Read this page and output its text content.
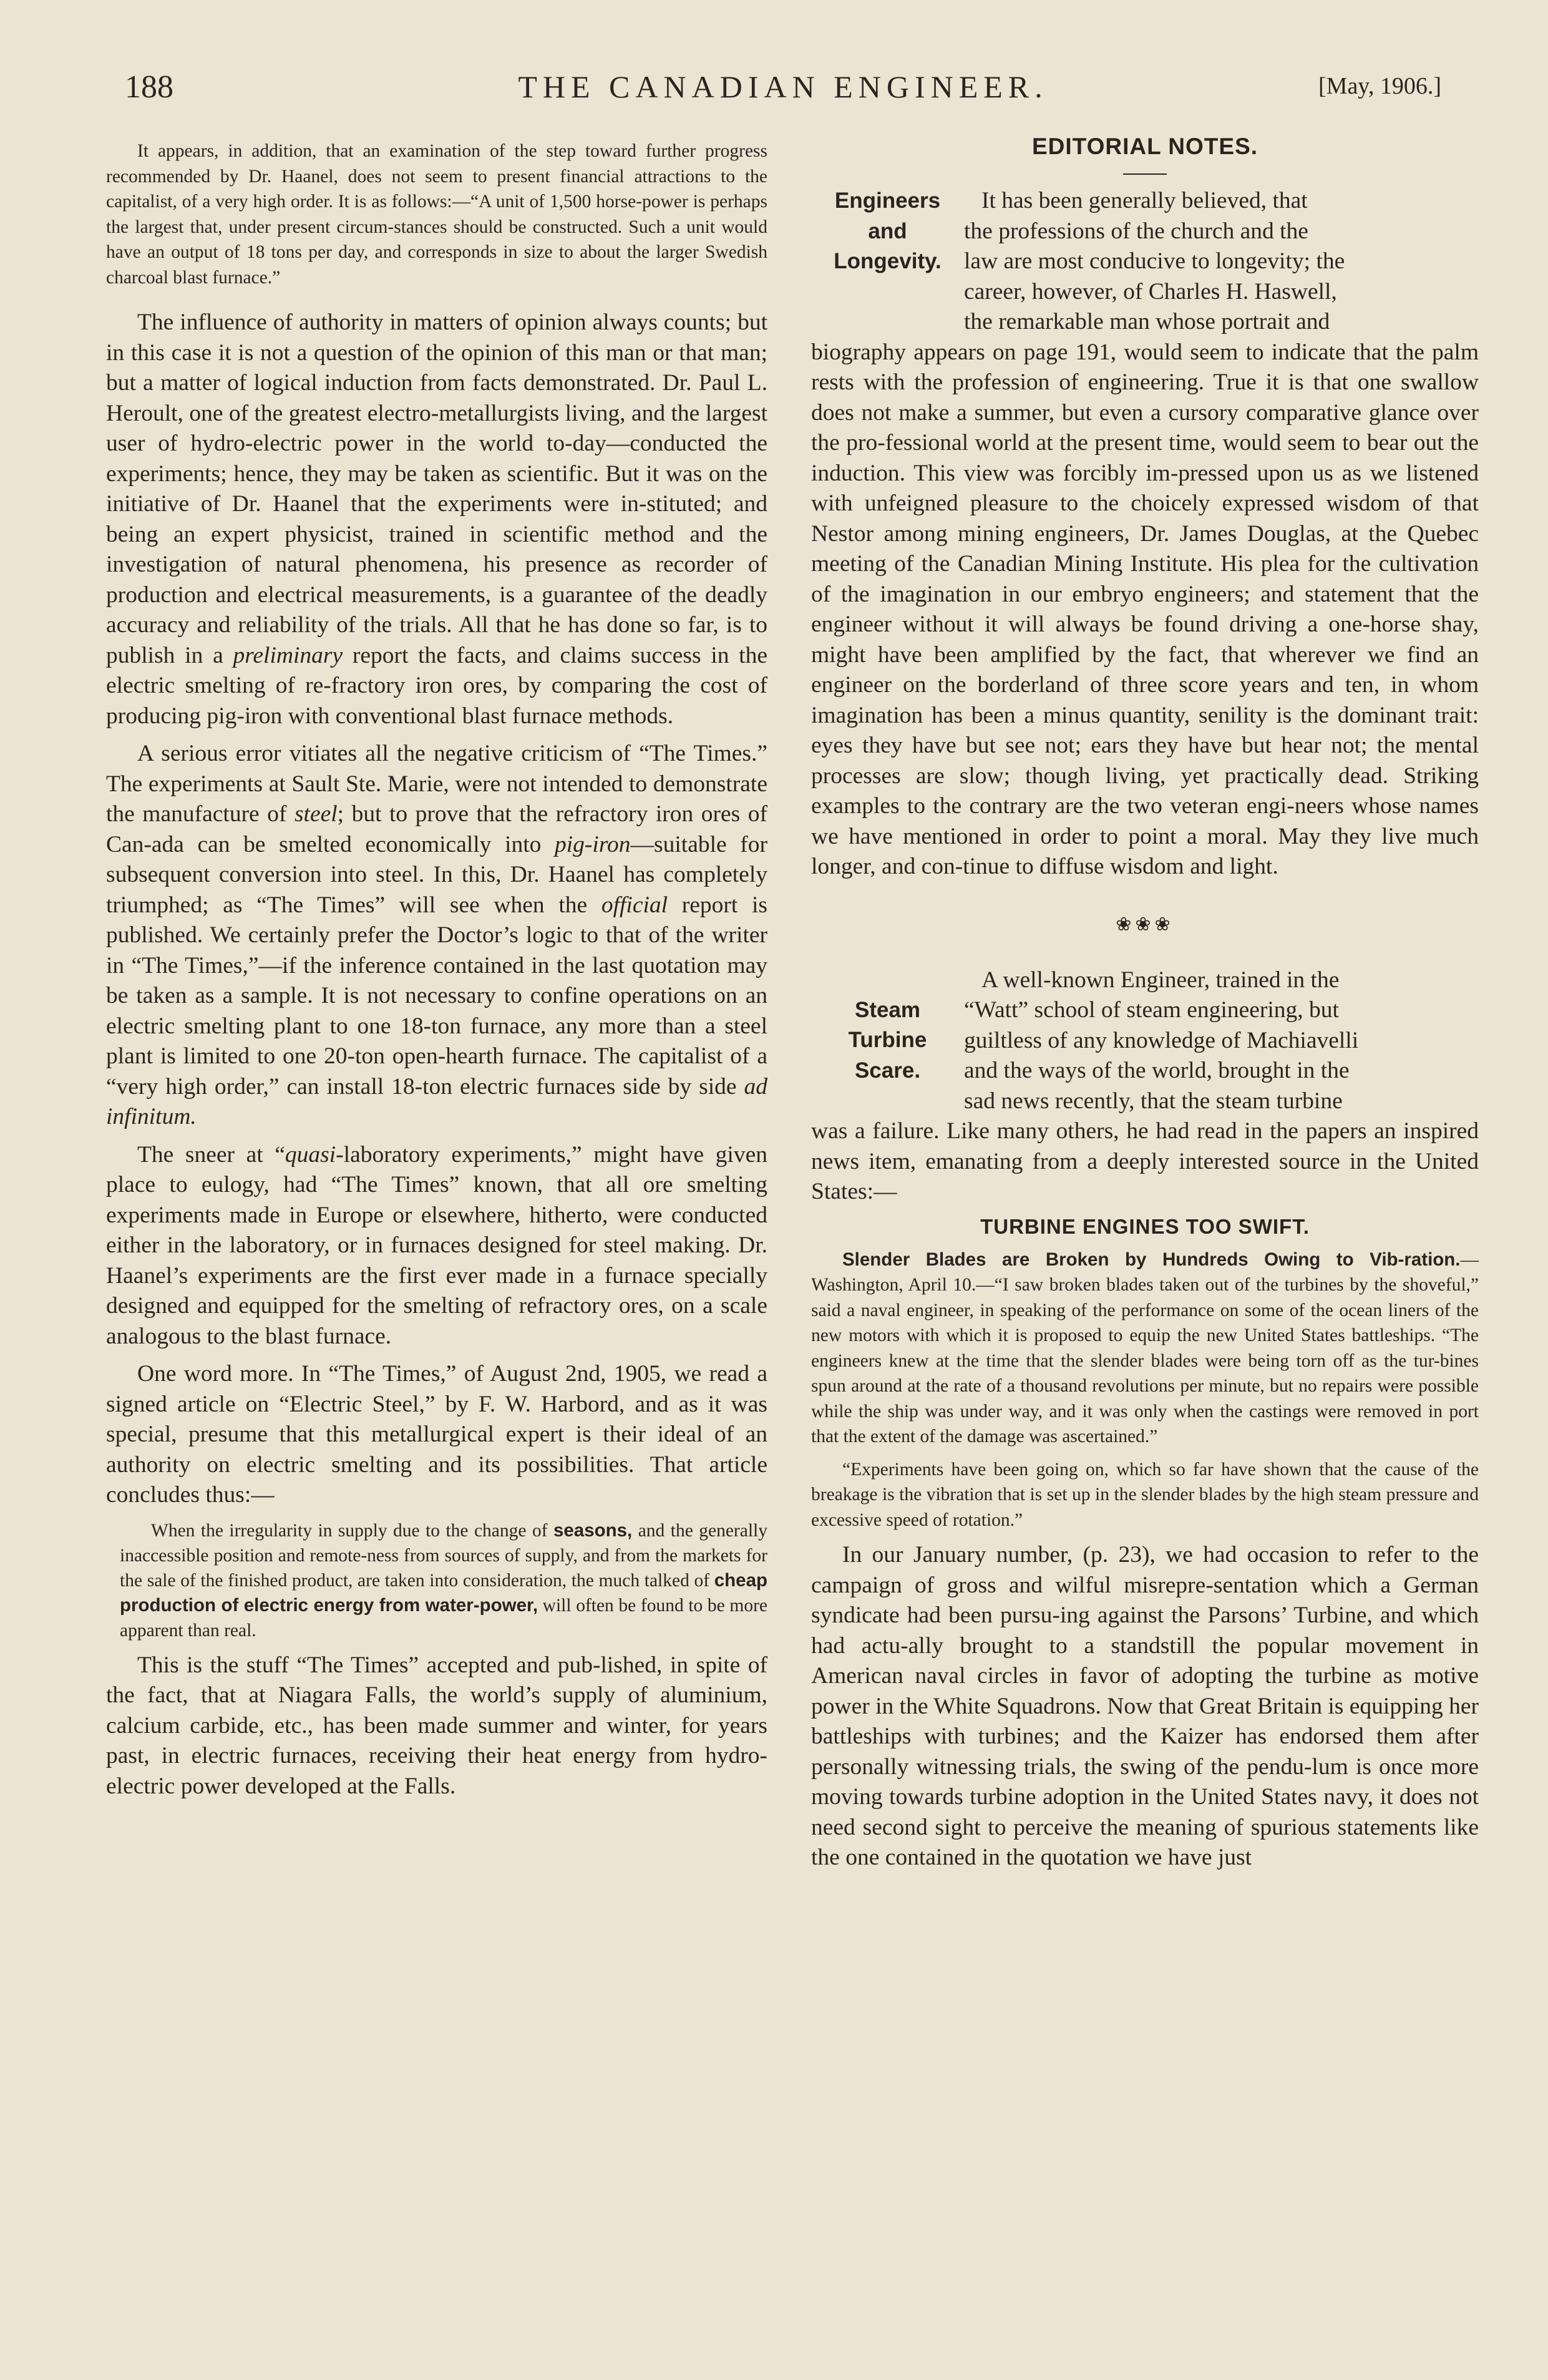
188	THE CANADIAN ENGINEER.	[May, 1906.]

It appears, in addition, that an examination of the step toward further progress recommended by Dr. Haanel, does not seem to present financial attractions to the capitalist, of a very high order. It is as follows:—“A unit of 1,500 horse-power is perhaps the largest that, under present circum-stances should be constructed. Such a unit would have an output of 18 tons per day, and corresponds in size to about the larger Swedish charcoal blast furnace.”

The influence of authority in matters of opinion always counts; but in this case it is not a question of the opinion of this man or that man; but a matter of logical induction from facts demonstrated. Dr. Paul L. Heroult, one of the greatest electro-metallurgists living, and the largest user of hydro-electric power in the world to-day—conducted the experiments; hence, they may be taken as scientific. But it was on the initiative of Dr. Haanel that the experiments were in-stituted; and being an expert physicist, trained in scientific method and the investigation of natural phenomena, his presence as recorder of production and electrical measurements, is a guarantee of the deadly accuracy and reliability of the trials. All that he has done so far, is to publish in a preliminary report the facts, and claims success in the electric smelting of re-fractory iron ores, by comparing the cost of producing pig-iron with conventional blast furnace methods.

A serious error vitiates all the negative criticism of “The Times.” The experiments at Sault Ste. Marie, were not intended to demonstrate the manufacture of steel; but to prove that the refractory iron ores of Can-ada can be smelted economically into pig-iron—suitable for subsequent conversion into steel. In this, Dr. Haanel has completely triumphed; as “The Times” will see when the official report is published. We certainly prefer the Doctor’s logic to that of the writer in “The Times,”—if the inference contained in the last quotation may be taken as a sample. It is not necessary to confine operations on an electric smelting plant to one 18-ton furnace, any more than a steel plant is limited to one 20-ton open-hearth furnace. The capitalist of a “very high order,” can install 18-ton electric furnaces side by side ad infinitum.

The sneer at “quasi-laboratory experiments,” might have given place to eulogy, had “The Times” known, that all ore smelting experiments made in Europe or elsewhere, hitherto, were conducted either in the laboratory, or in furnaces designed for steel making. Dr. Haanel’s experiments are the first ever made in a furnace specially designed and equipped for the smelting of refractory ores, on a scale analogous to the blast furnace.

One word more. In “The Times,” of August 2nd, 1905, we read a signed article on “Electric Steel,” by F. W. Harbord, and as it was special, presume that this metallurgical expert is their ideal of an authority on electric smelting and its possibilities. That article concludes thus:—

When the irregularity in supply due to the change of seasons, and the generally inaccessible position and remote-ness from sources of supply, and from the markets for the sale of the finished product, are taken into consideration, the much talked of cheap production of electric energy from water-power, will often be found to be more apparent than real.

This is the stuff “The Times” accepted and pub-lished, in spite of the fact, that at Niagara Falls, the world’s supply of aluminium, calcium carbide, etc., has been made summer and winter, for years past, in electric furnaces, receiving their heat energy from hydro-electric power developed at the Falls.

EDITORIAL NOTES.
Engineers
and
Longevity.

It has been generally believed, that

the professions of the church and the

law are most conducive to longevity; the

career, however, of Charles H. Haswell,

the remarkable man whose portrait and

biography appears on page 191, would seem to indicate that the palm rests with the profession of engineering. True it is that one swallow does not make a summer, but even a cursory comparative glance over the pro-fessional world at the present time, would seem to bear out the induction. This view was forcibly im-pressed upon us as we listened with unfeigned pleasure to the choicely expressed wisdom of that Nestor among mining engineers, Dr. James Douglas, at the Quebec meeting of the Canadian Mining Institute. His plea for the cultivation of the imagination in our embryo engineers; and statement that the engineer without it will always be found driving a one-horse shay, might have been amplified by the fact, that wherever we find an engineer on the borderland of three score years and ten, in whom imagination has been a minus quantity, senility is the dominant trait: eyes they have but see not; ears they have but hear not; the mental processes are slow; though living, yet practically dead. Striking examples to the contrary are the two veteran engi-neers whose names we have mentioned in order to point a moral. May they live much longer, and con-tinue to diffuse wisdom and light.

❀❀❀
Steam
Turbine
Scare.

A well-known Engineer, trained in the

“Watt” school of steam engineering, but

guiltless of any knowledge of Machiavelli

and the ways of the world, brought in the

sad news recently, that the steam turbine

was a failure. Like many others, he had read in the papers an inspired news item, emanating from a deeply interested source in the United States:—

TURBINE ENGINES TOO SWIFT.

Slender Blades are Broken by Hundreds Owing to Vib-ration.—Washington, April 10.—“I saw broken blades taken out of the turbines by the shoveful,” said a naval engineer, in speaking of the performance on some of the ocean liners of the new motors with which it is proposed to equip the new United States battleships. “The engineers knew at the time that the slender blades were being torn off as the tur-bines spun around at the rate of a thousand revolutions per minute, but no repairs were possible while the ship was under way, and it was only when the castings were removed in port that the extent of the damage was ascertained.”

“Experiments have been going on, which so far have shown that the cause of the breakage is the vibration that is set up in the slender blades by the high steam pressure and excessive speed of rotation.”

In our January number, (p. 23), we had occasion to refer to the campaign of gross and wilful misrepre-sentation which a German syndicate had been pursu-ing against the Parsons’ Turbine, and which had actu-ally brought to a standstill the popular movement in American naval circles in favor of adopting the turbine as motive power in the White Squadrons. Now that Great Britain is equipping her battleships with turbines; and the Kaizer has endorsed them after personally witnessing trials, the swing of the pendu-lum is once more moving towards turbine adoption in the United States navy, it does not need second sight to perceive the meaning of spurious statements like the one contained in the quotation we have just
